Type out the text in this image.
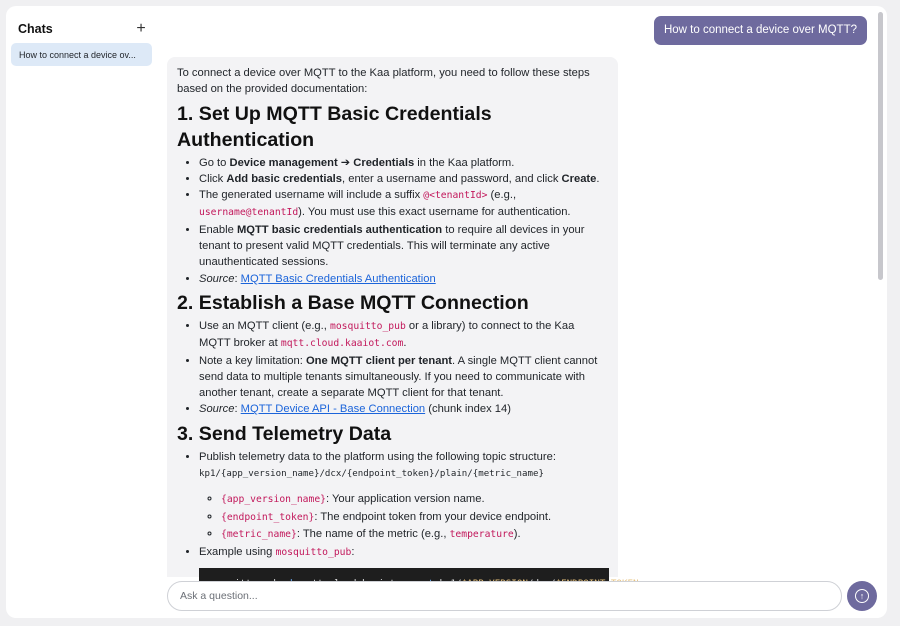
Chats	+
How to connect a device ov...
How to connect a device over MQTT?

To connect a device over MQTT to the Kaa platform, you need to follow these steps based on the provided documentation:

1. Set Up MQTT Basic Credentials Authentication
• Go to Device management ➔ Credentials in the Kaa platform.
• Click Add basic credentials, enter a username and password, and click Create.
• The generated username will include a suffix @<tenantId> (e.g., username@tenantId). You must use this exact username for authentication.
• Enable MQTT basic credentials authentication to require all devices in your tenant to present valid MQTT credentials. This will terminate any active unauthenticated sessions.
• Source: MQTT Basic Credentials Authentication
2. Establish a Base MQTT Connection
• Use an MQTT client (e.g., mosquitto_pub or a library) to connect to the Kaa MQTT broker at mqtt.cloud.kaaiot.com.
• Note a key limitation: One MQTT client per tenant. A single MQTT client cannot send data to multiple tenants simultaneously. If you need to communicate with another tenant, create a separate MQTT client for that tenant.
• Source: MQTT Device API - Base Connection (chunk index 14)
3. Send Telemetry Data
• Publish telemetry data to the platform using the following topic structure:
kp1/{app_version_name}/dcx/{endpoint_token}/plain/{metric_name}
◦ {app_version_name}: Your application version name.
◦ {endpoint_token}: The endpoint token from your device endpoint.
◦ {metric_name}: The name of the metric (e.g., temperature).
• Example using mosquitto_pub:
Ask a question...
↑
